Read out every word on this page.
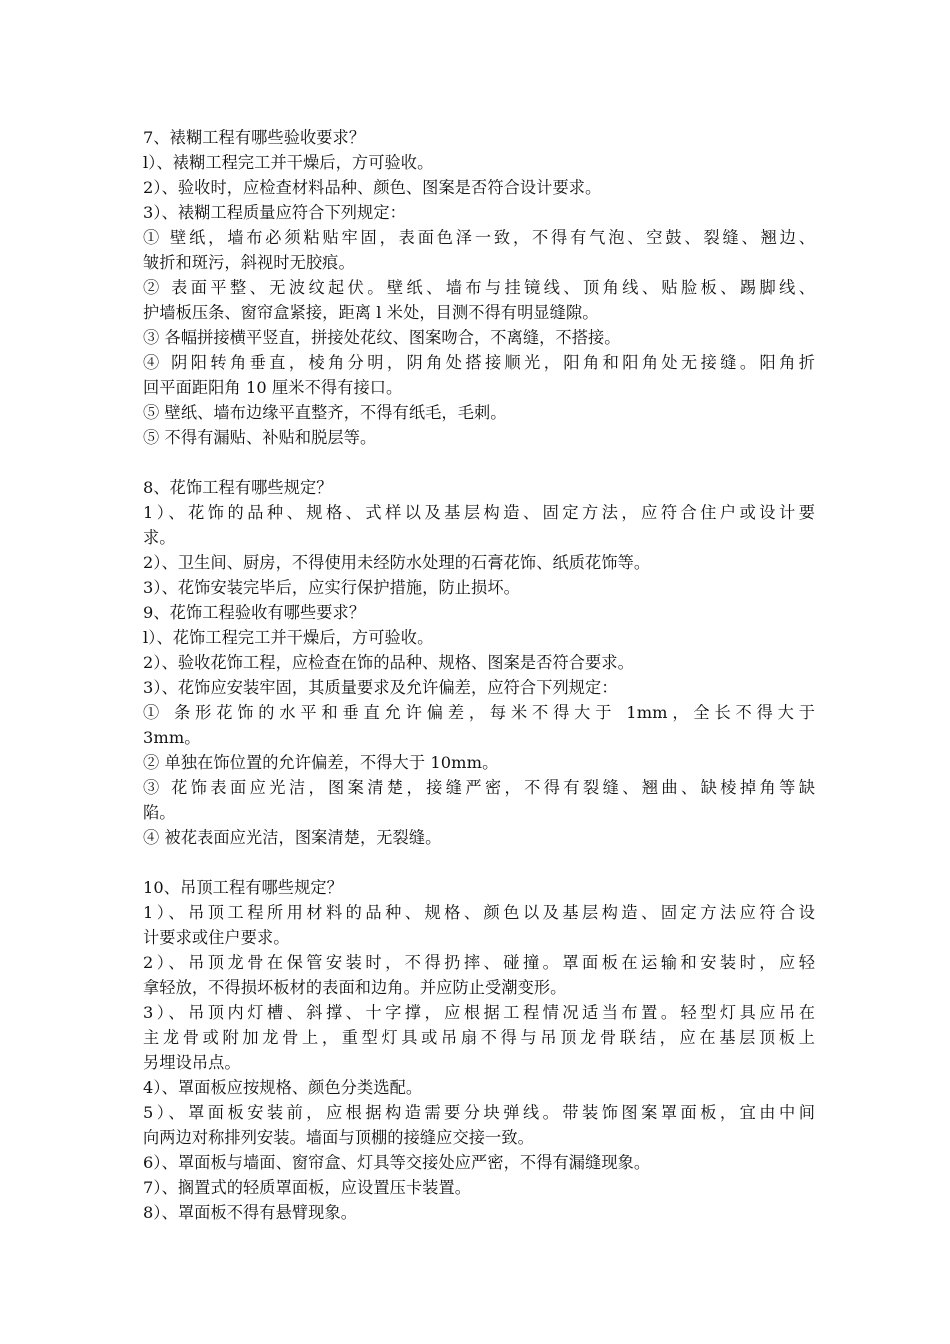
7、裱糊工程有哪些验收要求？

l）、裱糊工程完工并干燥后，方可验收。

2）、验收时，应检查材料品种、颜色、图案是否符合设计要求。

3）、裱糊工程质量应符合下列规定：

① 壁纸，墙布必须粘贴牢固，表面色泽一致，不得有气泡、空鼓、裂缝、翘边、

皱折和斑污，斜视时无胶痕。

② 表面平整、无波纹起伏。壁纸、墙布与挂镜线、顶角线、贴脸板、踢脚线、

护墙板压条、窗帘盒紧接，距离 l 米处，目测不得有明显缝隙。

③ 各幅拼接横平竖直，拼接处花纹、图案吻合，不离缝，不搭接。

④ 阴阳转角垂直，棱角分明，阴角处搭接顺光，阳角和阳角处无接缝。阳角折

回平面距阳角 10 厘米不得有接口。

⑤ 壁纸、墙布边缘平直整齐，不得有纸毛，毛刺。

⑤ 不得有漏贴、补贴和脱层等。

8、花饰工程有哪些规定？

1）、花饰的品种、规格、式样以及基层构造、固定方法，应符合住户或设计要

求。

2）、卫生间、厨房，不得使用未经防水处理的石膏花饰、纸质花饰等。

3）、花饰安装完毕后，应实行保护措施，防止损坏。

9、花饰工程验收有哪些要求？

l）、花饰工程完工并干燥后，方可验收。

2）、验收花饰工程，应检查在饰的品种、规格、图案是否符合要求。

3）、花饰应安装牢固，其质量要求及允许偏差，应符合下列规定：

① 条形花饰的水平和垂直允许偏差，每米不得大于 1mm，全长不得大于

3mm。

② 单独在饰位置的允许偏差，不得大于 10mm。

③ 花饰表面应光洁，图案清楚，接缝严密，不得有裂缝、翘曲、缺棱掉角等缺

陷。

④ 被花表面应光洁，图案清楚，无裂缝。

10、吊顶工程有哪些规定？

1）、吊顶工程所用材料的品种、规格、颜色以及基层构造、固定方法应符合设

计要求或住户要求。

2）、吊顶龙骨在保管安装时，不得扔摔、碰撞。罩面板在运输和安装时，应轻

拿轻放，不得损坏板材的表面和边角。并应防止受潮变形。

3）、吊顶内灯槽、斜撑、十字撑，应根据工程情况适当布置。轻型灯具应吊在

主龙骨或附加龙骨上，重型灯具或吊扇不得与吊顶龙骨联结，应在基层顶板上

另埋设吊点。

4）、罩面板应按规格、颜色分类选配。

5）、罩面板安装前，应根据构造需要分块弹线。带装饰图案罩面板，宜由中间

向两边对称排列安装。墙面与顶棚的接缝应交接一致。

6）、罩面板与墙面、窗帘盒、灯具等交接处应严密，不得有漏缝现象。

7）、搁置式的轻质罩面板，应设置压卡装置。

8）、罩面板不得有悬臂现象。
